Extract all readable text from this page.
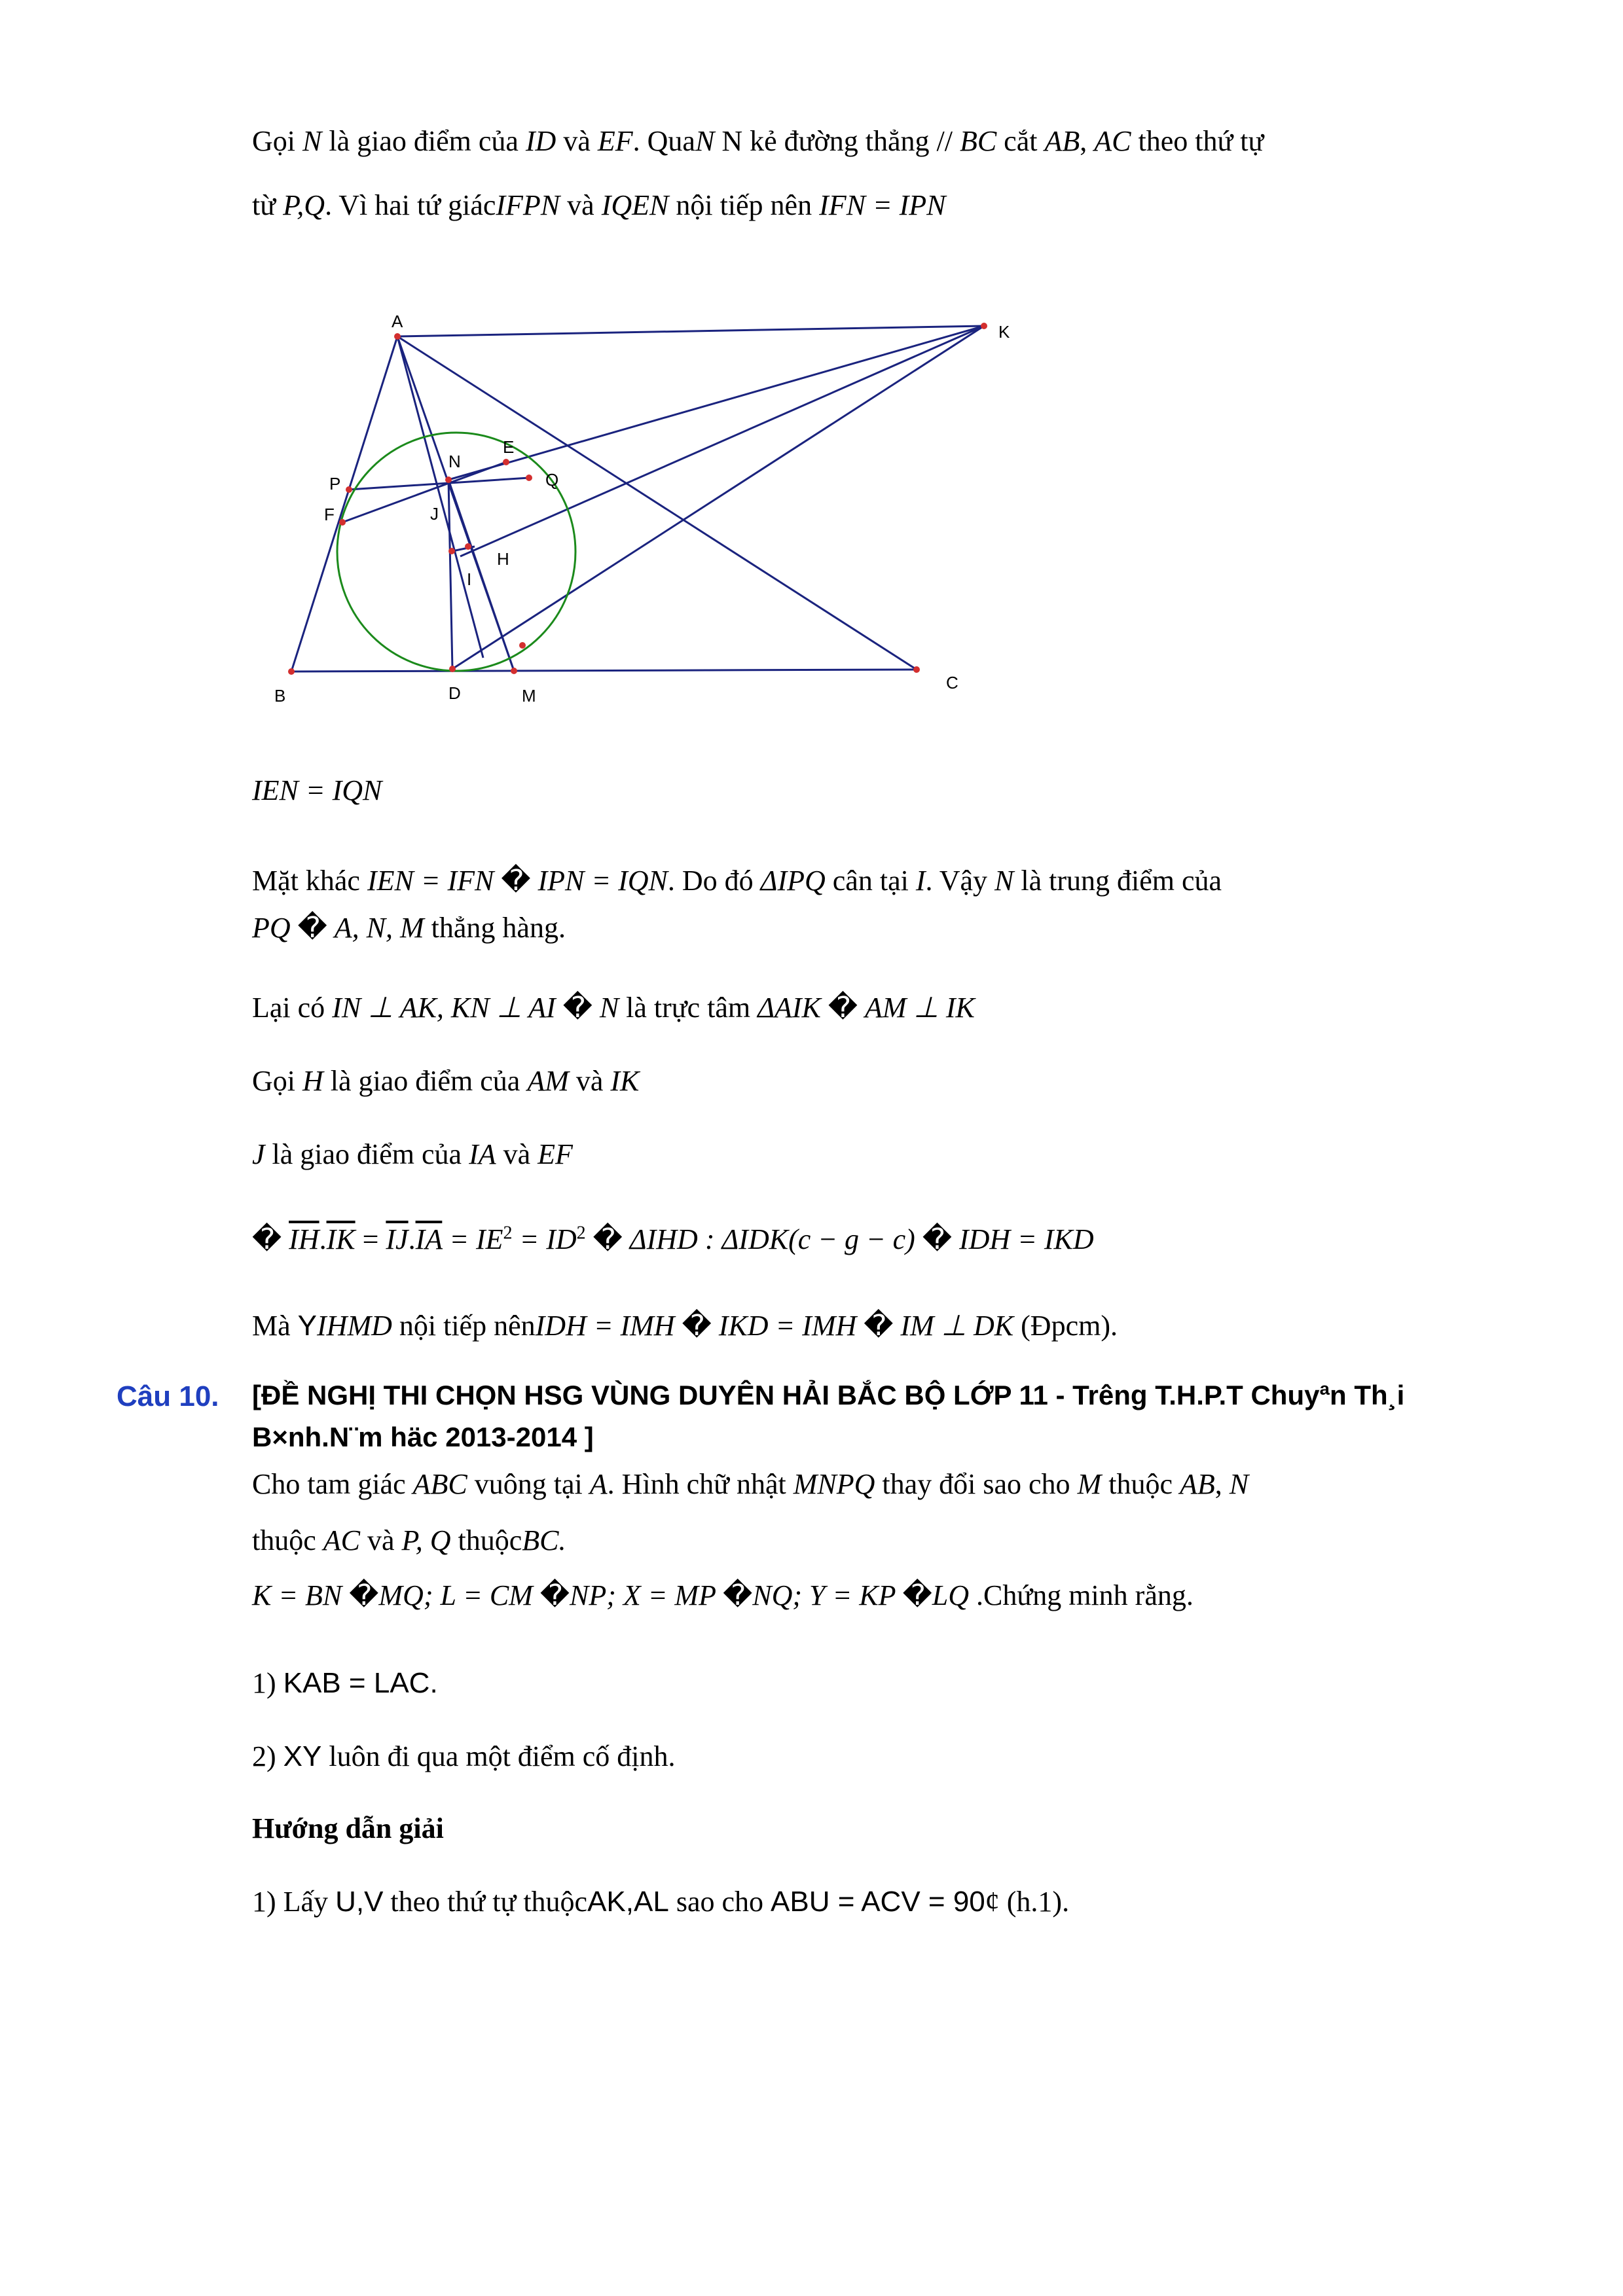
Gọi N là giao điểm của ID và EF. QuaN N kẻ đường thẳng // BC cắt AB, AC theo thứ tự
từ P,Q. Vì hai tứ giácIFPN và IQEN nội tiếp nên IFN = IPN
A
K
E
N
P	Q
F	J
H
I
B	D	M
C
IEN = IQN
Mặt khác IEN = IFN � IPN = IQN. Do đó ΔIPQ cân tại I. Vậy N là trung điểm của
PQ � A, N, M thẳng hàng.
Lại có IN ⊥ AK, KN ⊥ AI � N là trực tâm ΔAIK � AM ⊥ IK
Gọi H là giao điểm của AM và IK
J là giao điểm của IA và EF
� $\overline{IH}.\overline{IK} = \overline{IJ}.\overline{IA} = IE^2 = ID^2$ � ΔIHD : ΔIDK(c − g − c) � IDH = IKD
Mà YIHMD nội tiếp nênIDH = IMH � IKD = IMH � IM ⊥ DK (Đpcm).
Câu 10. [ĐỀ NGHỊ THI CHỌN HSG VÙNG DUYÊN HẢI BẮC BỘ LỚP 11 - Trêng T.H.P.T Chuyªn Th¸i B×nh.N¨m häc 2013-2014 ]
Cho tam giác ABC vuông tại A. Hình chữ nhật MNPQ thay đổi sao cho M thuộc AB, N
thuộc AC và P, Q thuộcBC.
K = BN �MQ; L = CM �NP; X = MP �NQ; Y = KP �LQ .Chứng minh rằng.
1) KAB = LAC.
2) XY luôn đi qua một điểm cố định.
Hướng dẫn giải
1) Lấy U,V theo thứ tự thuộcAK,AL sao cho ABU = ACV = 90¢ (h.1).
